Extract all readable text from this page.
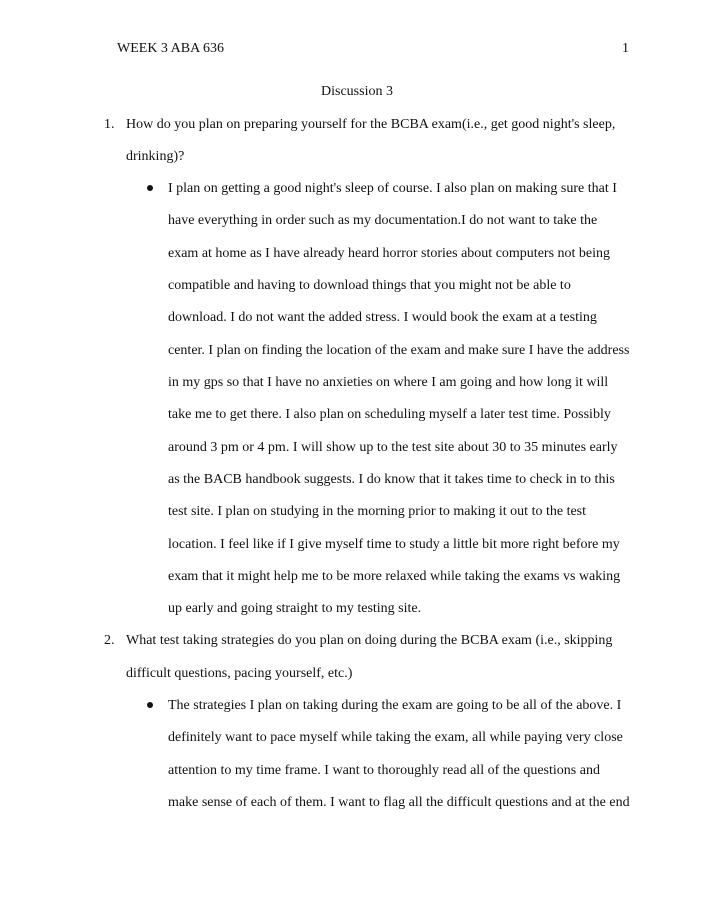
WEEK 3 ABA 636	1
Discussion 3
1. How do you plan on preparing yourself for the BCBA exam(i.e., get good night's sleep,
drinking)?
I plan on getting a good night's sleep of course. I also plan on making sure that I
have everything in order such as my documentation.I do not want to take the
exam at home as I have already heard horror stories about computers not being
compatible and having to download things that you might not be able to
download. I do not want the added stress. I would book the exam at a testing
center. I plan on finding the location of the exam and make sure I have the address
in my gps so that I have no anxieties on where I am going and how long it will
take me to get there. I also plan on scheduling myself a later test time. Possibly
around 3 pm or 4 pm. I will show up to the test site about 30 to 35 minutes early
as the BACB handbook suggests. I do know that it takes time to check in to this
test site. I plan on studying in the morning prior to making it out to the test
location. I feel like if I give myself time to study a little bit more right before my
exam that it might help me to be more relaxed while taking the exams vs waking
up early and going straight to my testing site.
2. What test taking strategies do you plan on doing during the BCBA exam (i.e., skipping
difficult questions, pacing yourself, etc.)
The strategies I plan on taking during the exam are going to be all of the above. I
definitely want to pace myself while taking the exam, all while paying very close
attention to my time frame. I want to thoroughly read all of the questions and
make sense of each of them. I want to flag all the difficult questions and at the end
